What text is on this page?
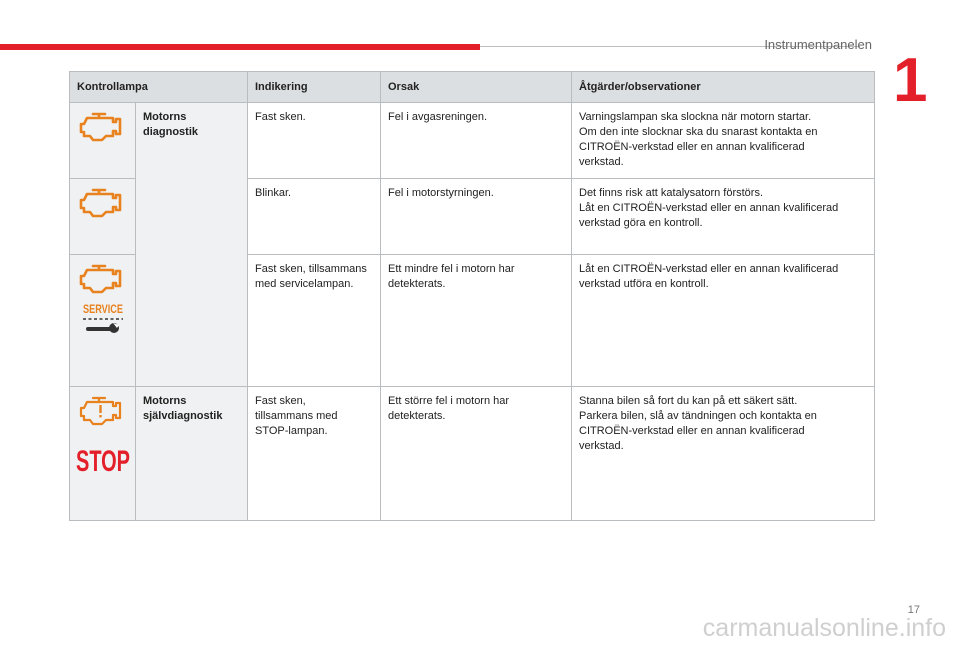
Instrumentpanelen
1
Kontrollampa		Indikering	Orsak	Åtgärder/observationer

Motorns
diagnostik	Fast sken.	Fel i avgasreningen.	Varningslampan ska slockna när motorn startar.
Om den inte slocknar ska du snarast kontakta en
CITROËN-verkstad eller en annan kvalificerad
verkstad.

Blinkar.	Fel i motorstyrningen.	Det finns risk att katalysatorn förstörs.
Låt en CITROËN-verkstad eller en annan kvalificerad
verkstad göra en kontroll.

SERVICE		Fast sken, tillsammans
med servicelampan.	Ett mindre fel i motorn har
detekterats.	Låt en CITROËN-verkstad eller en annan kvalificerad
verkstad utföra en kontroll.

STOP	Motorns
självdiagnostik	Fast sken,
tillsammans med
STOP-lampan.	Ett större fel i motorn har
detekterats.	Stanna bilen så fort du kan på ett säkert sätt.
Parkera bilen, slå av tändningen och kontakta en
CITROËN-verkstad eller en annan kvalificerad
verkstad.
17
carmanualsonline.info
